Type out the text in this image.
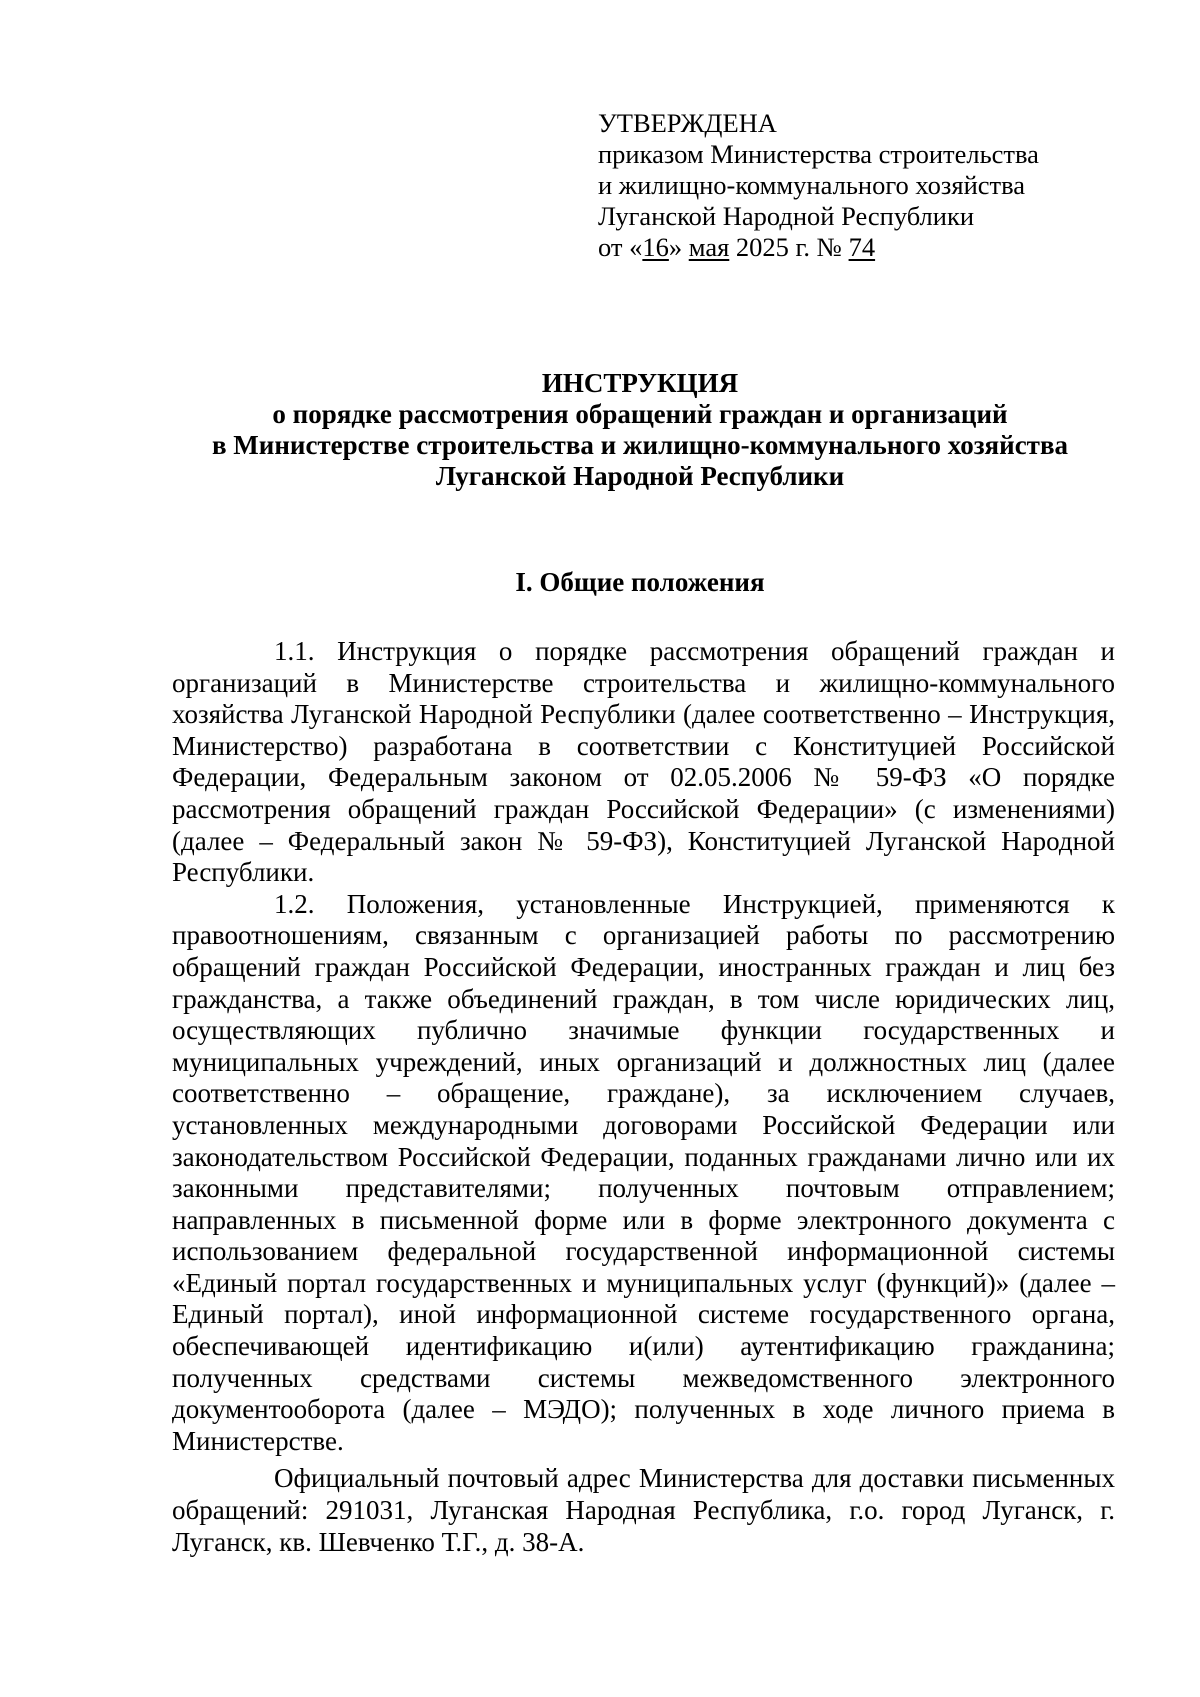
УТВЕРЖДЕНА
приказом Министерства строительства
и жилищно-коммунального хозяйства
Луганской Народной Республики
от «16» мая 2025 г. № 74
ИНСТРУКЦИЯ
о порядке рассмотрения обращений граждан и организаций
в Министерстве строительства и жилищно-коммунального хозяйства
Луганской Народной Республики
I. Общие положения

1.1. Инструкция о порядке рассмотрения обращений граждан и организаций в Министерстве строительства и жилищно-коммунального хозяйства Луганской Народной Республики (далее соответственно – Инструкция, Министерство) разработана в соответствии с Конституцией Российской Федерации, Федеральным законом от 02.05.2006 № 59-ФЗ «О порядке рассмотрения обращений граждан Российской Федерации» (с изменениями) (далее – Федеральный закон № 59-ФЗ), Конституцией Луганской Народной Республики.

1.2. Положения, установленные Инструкцией, применяются к правоотношениям, связанным с организацией работы по рассмотрению обращений граждан Российской Федерации, иностранных граждан и лиц без гражданства, а также объединений граждан, в том числе юридических лиц, осуществляющих публично значимые функции государственных и муниципальных учреждений, иных организаций и должностных лиц (далее соответственно – обращение, граждане), за исключением случаев, установленных международными договорами Российской Федерации или законодательством Российской Федерации, поданных гражданами лично или их законными представителями; полученных почтовым отправлением; направленных в письменной форме или в форме электронного документа с использованием федеральной государственной информационной системы «Единый портал государственных и муниципальных услуг (функций)» (далее – Единый портал), иной информационной системе государственного органа, обеспечивающей идентификацию и(или) аутентификацию гражданина; полученных средствами системы межведомственного электронного документооборота (далее – МЭДО); полученных в ходе личного приема в Министерстве.

Официальный почтовый адрес Министерства для доставки письменных обращений: 291031, Луганская Народная Республика, г.о. город Луганск, г. Луганск, кв. Шевченко Т.Г., д. 38-А.
